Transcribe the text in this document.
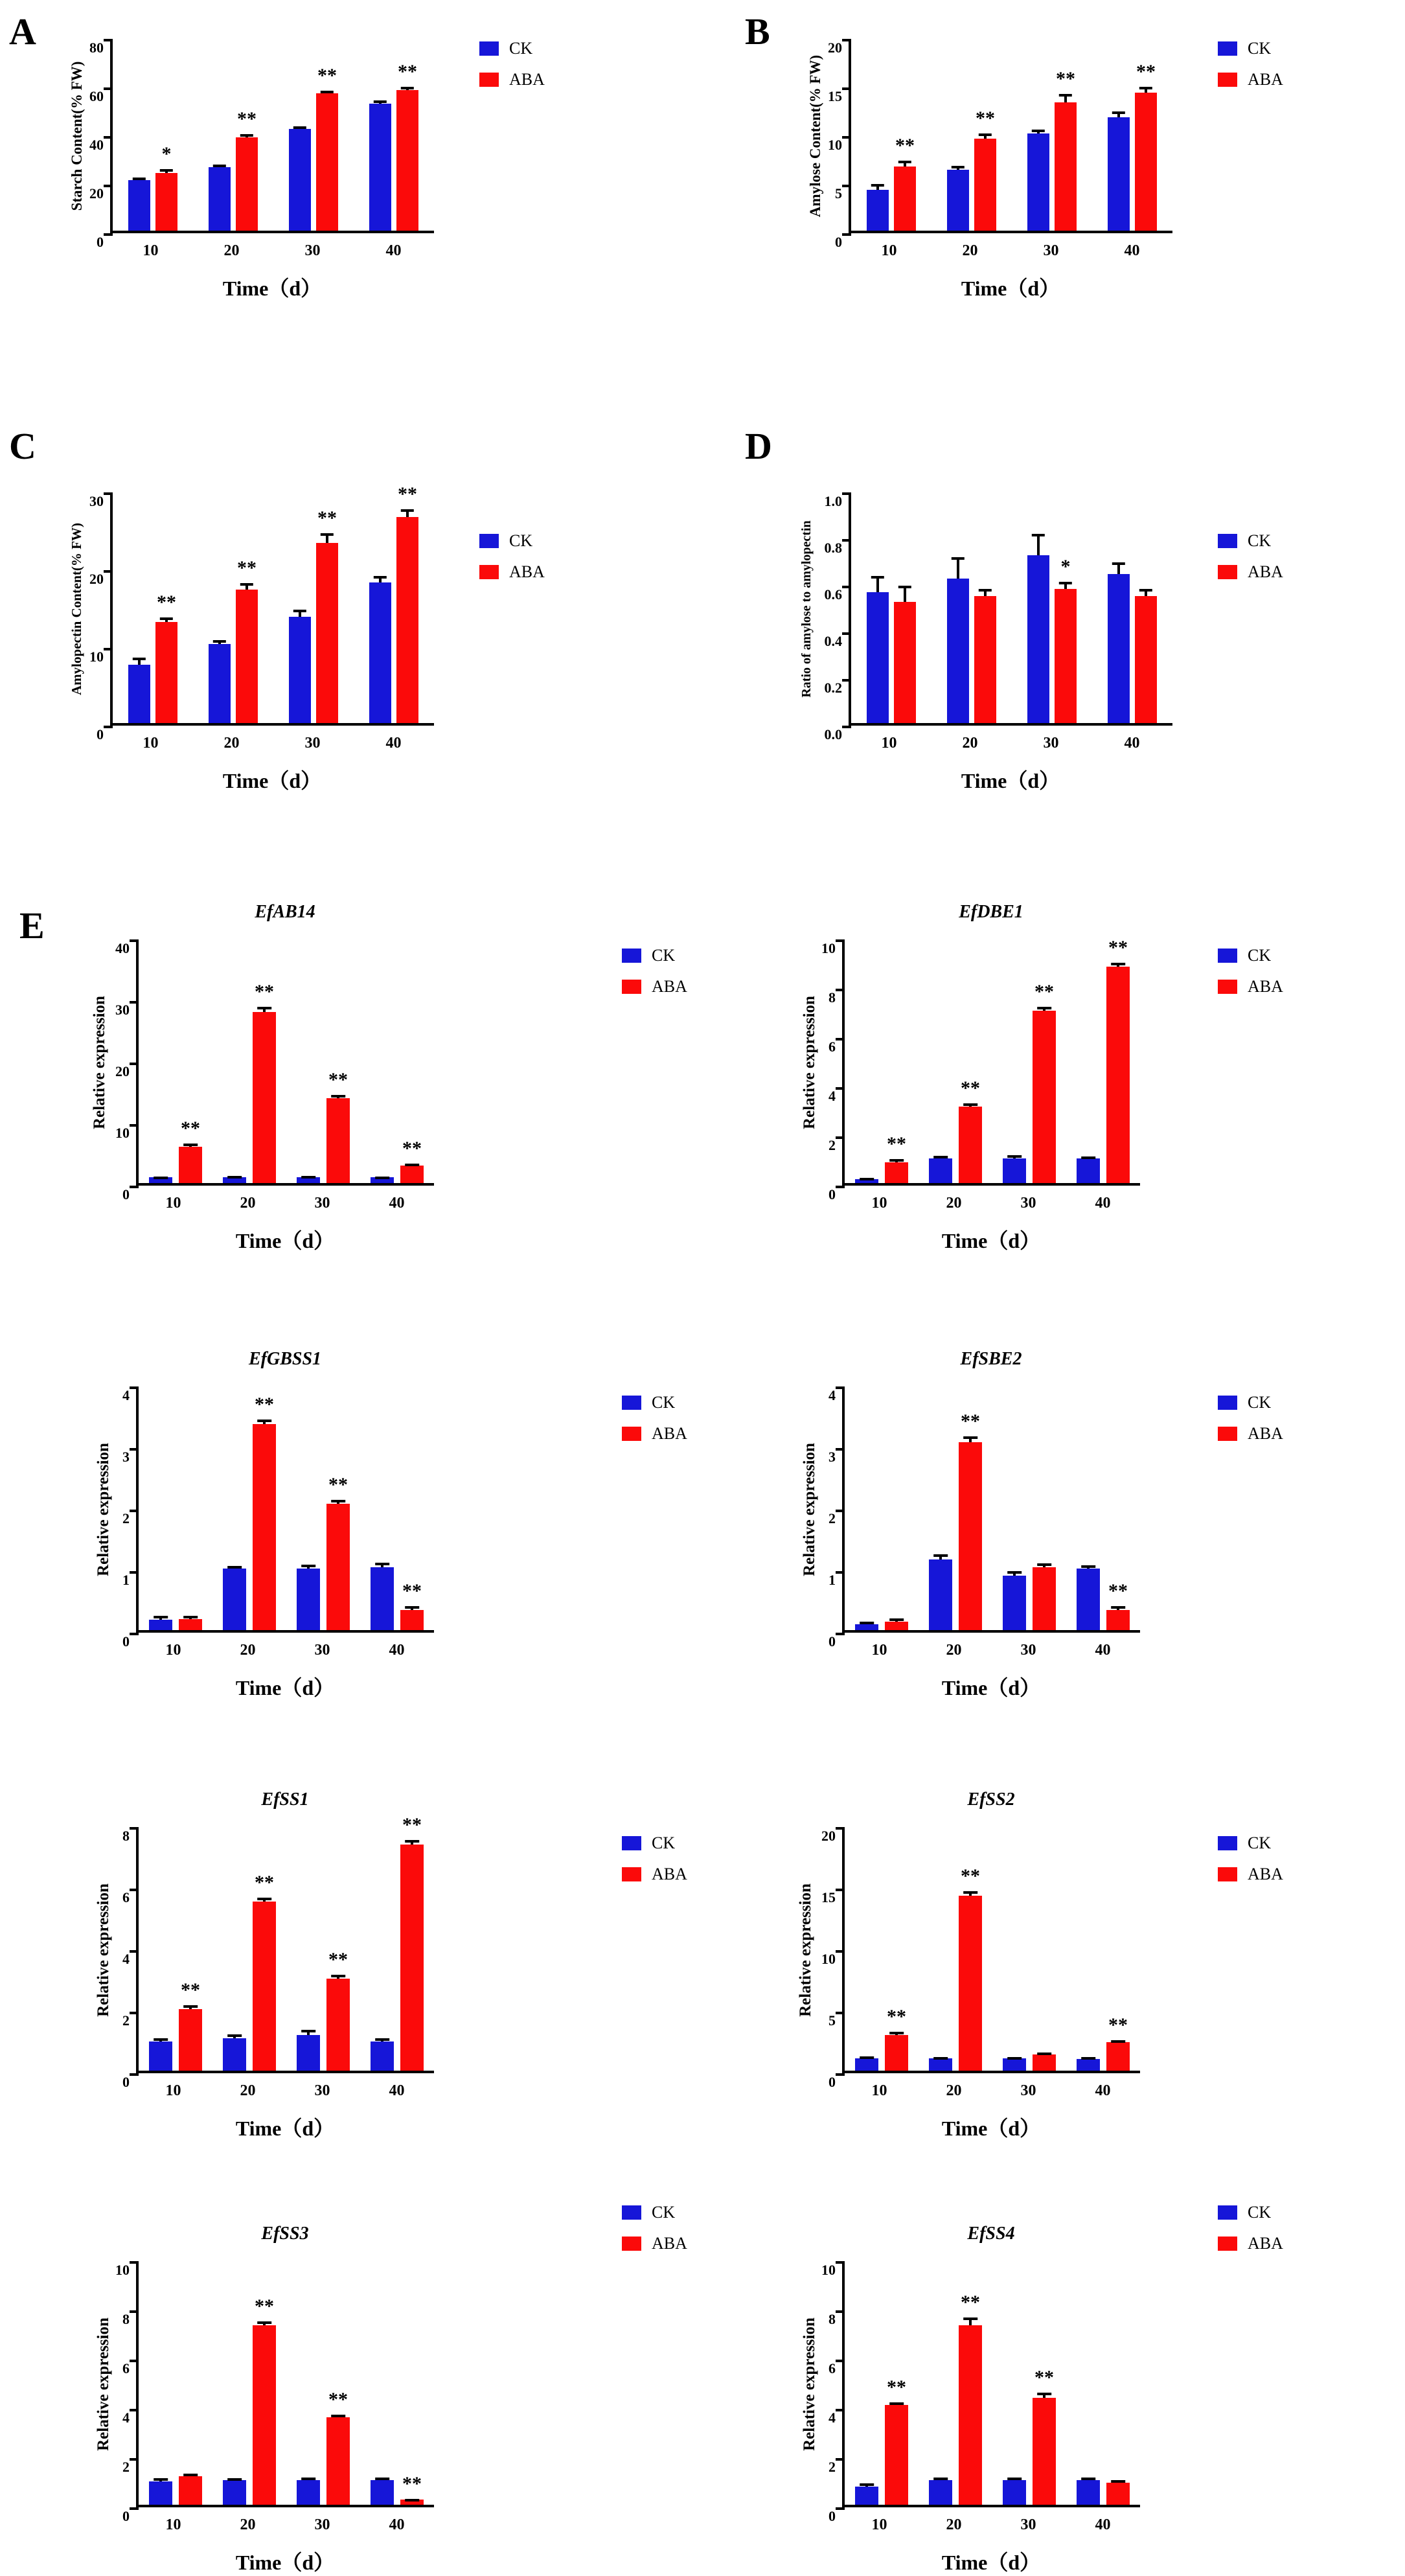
A
0
20
40
60
80
*
**
**	**
Starch Content(% FW)
10	20	30	40
Time（d）
CK
ABA
B
0
5
10
15
20
**
**
**	**
Amylose Content(% FW)
10	20	30	40
Time（d）
CK
ABA
C
0
10
20
30
**
**
**
**
Amylopectin Content(% FW)
10	20	30	40
Time（d）
CK
ABA
D
0.0
0.2
0.4
0.6
0.8
1.0
*
Ratio of amylose to amylopectin
10	20	30	40
Time（d）
CK
ABA
E	EfAB14
0
10
20
30
40
**
**
**
**
Relative expression
10	20	30	40
Time（d）
CK
ABA
EfDBE1
0
2
4
6
8
10
**
**
**
**
Relative expression
10	20	30	40
Time（d）
CK
ABA
EfGBSS1
0
1
2
3
4	**
**
**
Relative expression
10	20	30	40
Time（d）
CK
ABA
EfSBE2
0
1
2
3
4
**
**
Relative expression
10	20	30	40
Time（d）
CK
ABA
EfSS1
0
2
4
6
8
**
**
**
**
Relative expression
10	20	30	40
Time（d）
CK
ABA
EfSS2
0
5
10
15
20
**
**
**
Relative expression
10	20	30	40
Time（d）
CK
ABA
EfSS3
0
2
4
6
8
10
**
**
**
Relative expression
10	20	30	40
Time（d）
CK
ABA	EfSS4
0
2
4
6
8
10
**
**
**
Relative expression
10	20	30	40
Time（d）
CK
ABA
